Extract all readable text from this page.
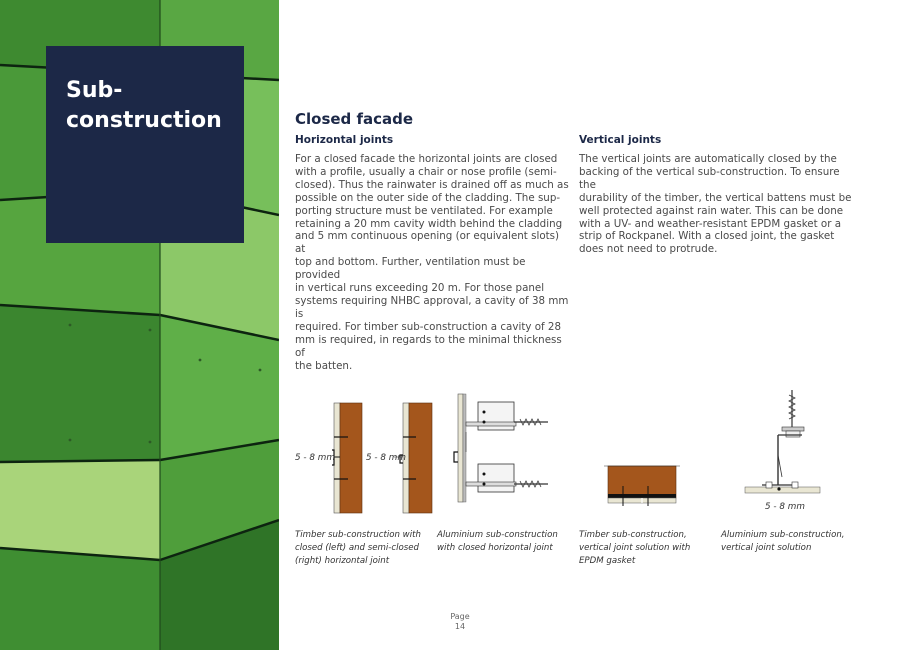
Sub-
construction	Closed facade
Horizontal joints

For a closed facade the horizontal joints are closed
with a profile, usually a chair or nose profile (semi-
closed). Thus the rainwater is drained off as much as
possible on the outer side of the cladding. The sup-
porting structure must be ventilated. For example
retaining a 20 mm cavity width behind the cladding
and 5 mm continuous opening (or equivalent slots) at
top and bottom. Further, ventilation must be provided
in vertical runs exceeding 20 m. For those panel
systems requiring NHBC approval, a cavity of 38 mm is
required. For timber sub-construction a cavity of 28
mm is required, in regards to the minimal thickness of
the batten.

Vertical joints

The vertical joints are automatically closed by the
backing of the vertical sub-construction. To ensure the
durability of the timber, the vertical battens must be
well protected against rain water. This can be done
with a UV- and weather-resistant EPDM gasket or a
strip of Rockpanel. With a closed joint, the gasket
does not need to protrude.

5 - 8 mm	5 - 8 mm
5 - 8 mm
Timber sub-construction with
closed (left) and semi-closed
(right) horizontal joint
Aluminium sub-construction
with closed horizontal joint
Timber sub-construction,
vertical joint solution with
EPDM gasket
Aluminium sub-construction,
vertical joint solution
Page
14
